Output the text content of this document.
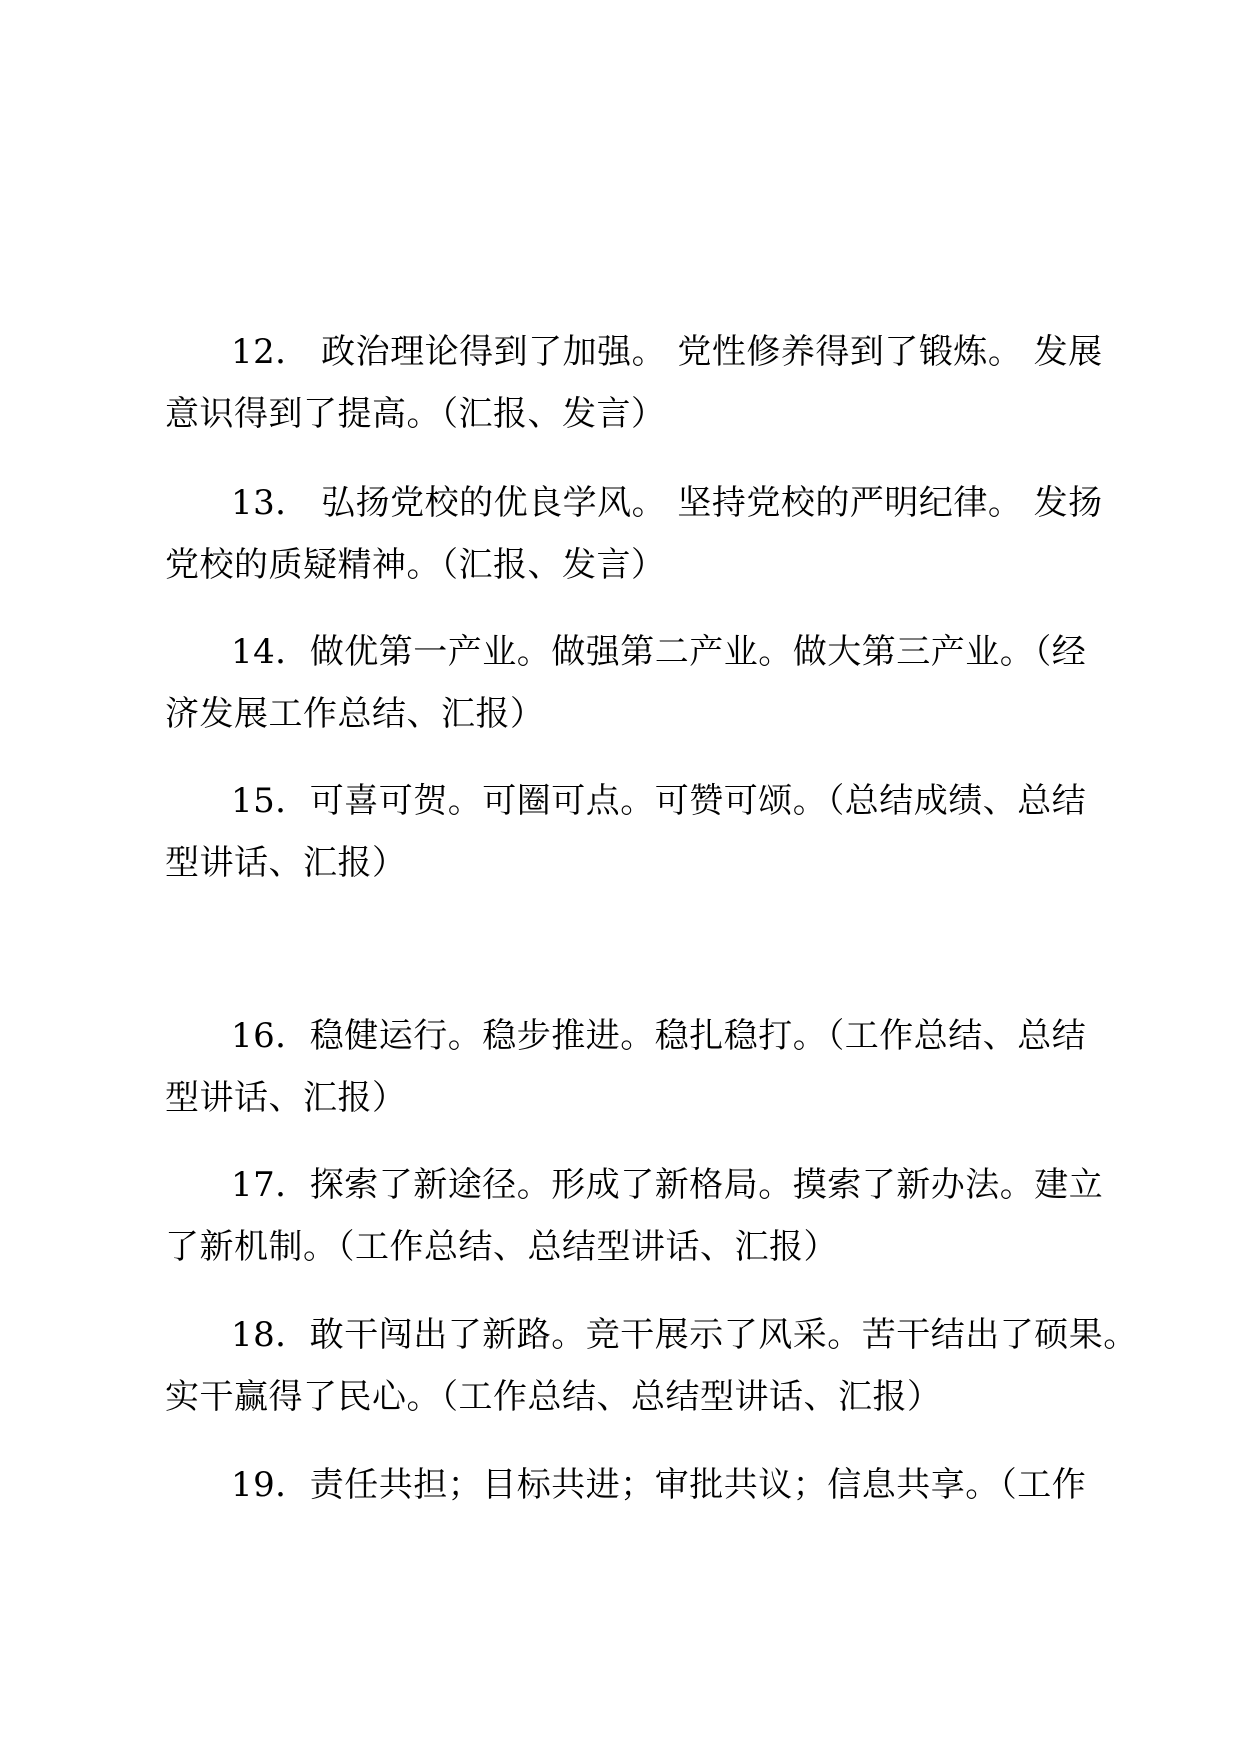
12． 政治理论得到了加强。 党性修养得到了锻炼。 发展
意识得到了提高。（汇报、发言）

13． 弘扬党校的优良学风。 坚持党校的严明纪律。 发扬
党校的质疑精神。（汇报、发言）

14．做优第一产业。做强第二产业。做大第三产业。（经
济发展工作总结、汇报）

15．可喜可贺。可圈可点。可赞可颂。（总结成绩、总结
型讲话、汇报）

16．稳健运行。稳步推进。稳扎稳打。（工作总结、总结
型讲话、汇报）

17．探索了新途径。形成了新格局。摸索了新办法。建立
了新机制。（工作总结、总结型讲话、汇报）

18．敢干闯出了新路。竞干展示了风采。苦干结出了硕果。
实干赢得了民心。（工作总结、总结型讲话、汇报）

19．责任共担；目标共进；审批共议；信息共享。（工作
